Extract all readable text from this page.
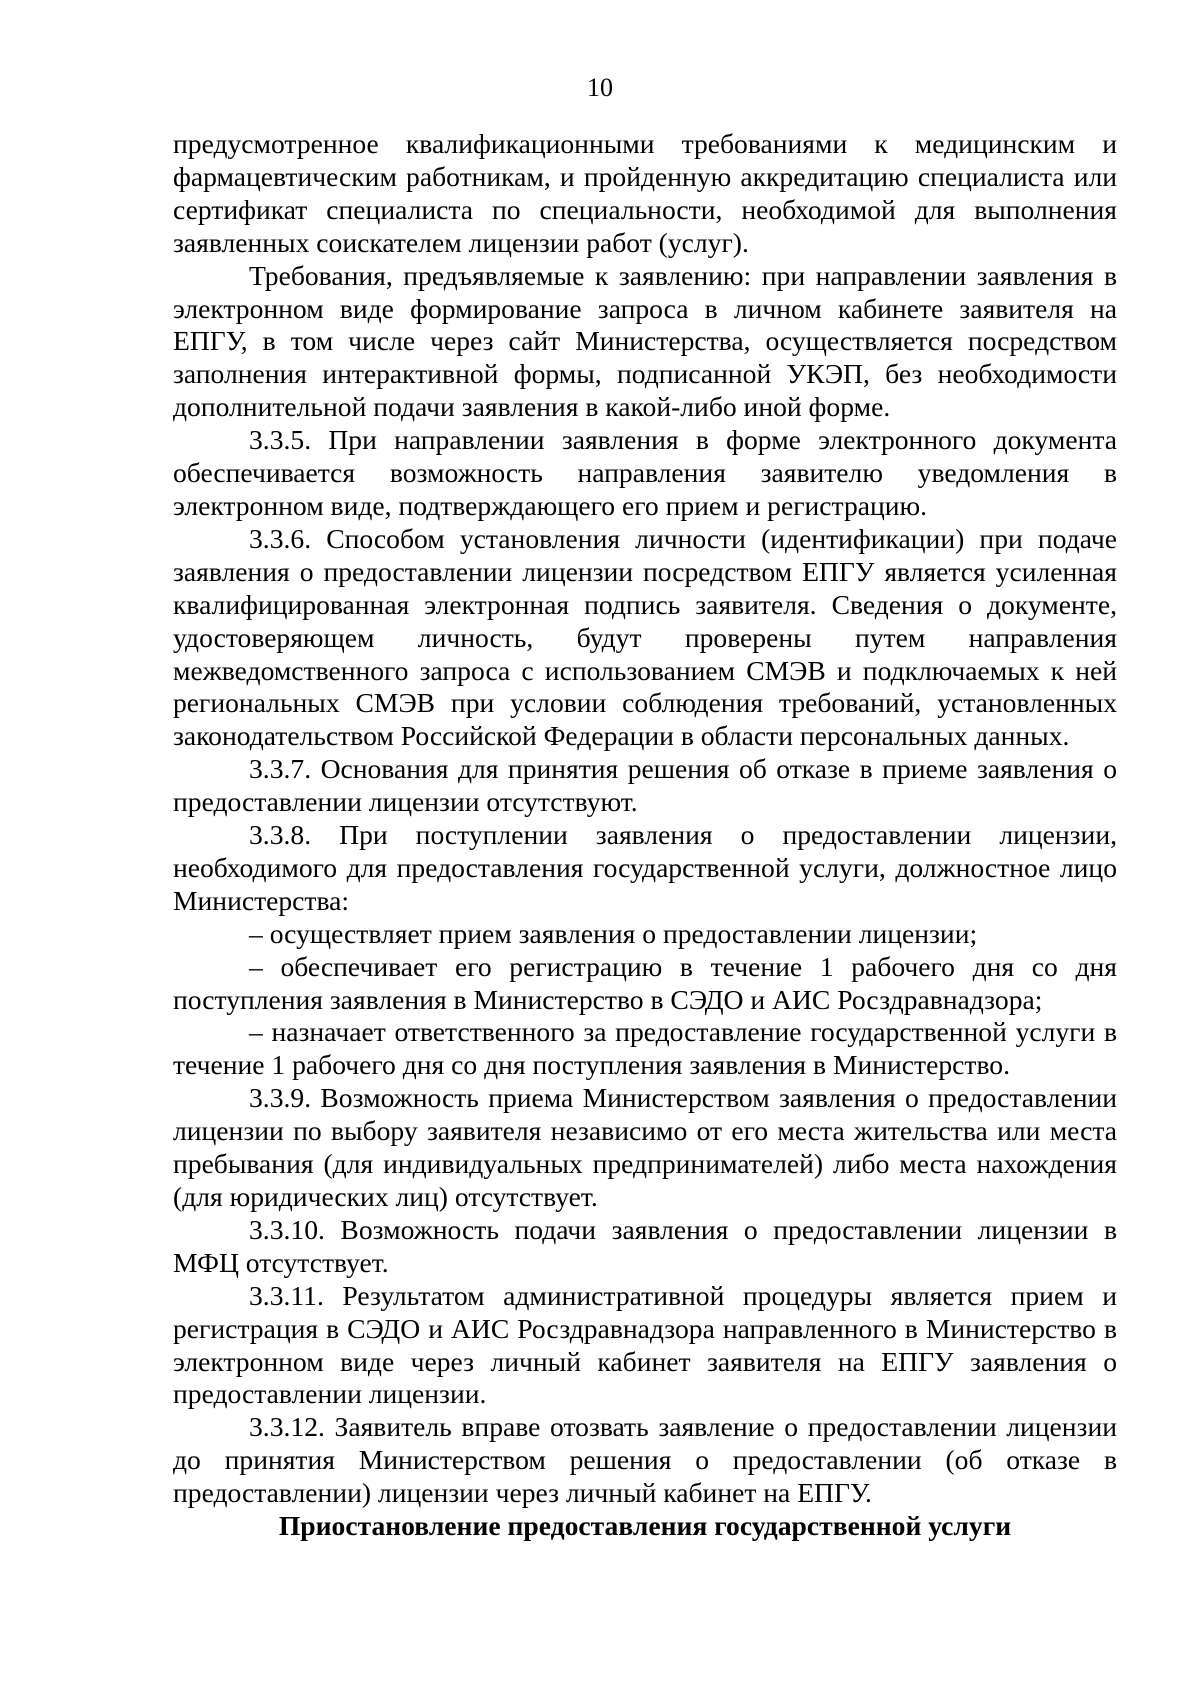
10

предусмотренное квалификационными требованиями к медицинским и фармацевтическим работникам, и пройденную аккредитацию специалиста или сертификат специалиста по специальности, необходимой для выполнения заявленных соискателем лицензии работ (услуг).

Требования, предъявляемые к заявлению: при направлении заявления в электронном виде формирование запроса в личном кабинете заявителя на ЕПГУ, в том числе через сайт Министерства, осуществляется посредством заполнения интерактивной формы, подписанной УКЭП, без необходимости дополнительной подачи заявления в какой-либо иной форме.

3.3.5. При направлении заявления в форме электронного документа обеспечивается возможность направления заявителю уведомления в электронном виде, подтверждающего его прием и регистрацию.

3.3.6. Способом установления личности (идентификации) при подаче заявления о предоставлении лицензии посредством ЕПГУ является усиленная квалифицированная электронная подпись заявителя. Сведения о документе, удостоверяющем личность, будут проверены путем направления межведомственного запроса с использованием СМЭВ и подключаемых к ней региональных СМЭВ при условии соблюдения требований, установленных законодательством Российской Федерации в области персональных данных.

3.3.7. Основания для принятия решения об отказе в приеме заявления о предоставлении лицензии отсутствуют.

3.3.8. При поступлении заявления о предоставлении лицензии, необходимого для предоставления государственной услуги, должностное лицо Министерства:

– осуществляет прием заявления о предоставлении лицензии;

– обеспечивает его регистрацию в течение 1 рабочего дня со дня поступления заявления в Министерство в СЭДО и АИС Росздравнадзора;

– назначает ответственного за предоставление государственной услуги в течение 1 рабочего дня со дня поступления заявления в Министерство.

3.3.9. Возможность приема Министерством заявления о предоставлении лицензии по выбору заявителя независимо от его места жительства или места пребывания (для индивидуальных предпринимателей) либо места нахождения (для юридических лиц) отсутствует.

3.3.10. Возможность подачи заявления о предоставлении лицензии в МФЦ отсутствует.

3.3.11. Результатом административной процедуры является прием и регистрация в СЭДО и АИС Росздравнадзора направленного в Министерство в электронном виде через личный кабинет заявителя на ЕПГУ заявления о предоставлении лицензии.

3.3.12. Заявитель вправе отозвать заявление о предоставлении лицензии до принятия Министерством решения о предоставлении (об отказе в предоставлении) лицензии через личный кабинет на ЕПГУ.

Приостановление предоставления государственной услуги
